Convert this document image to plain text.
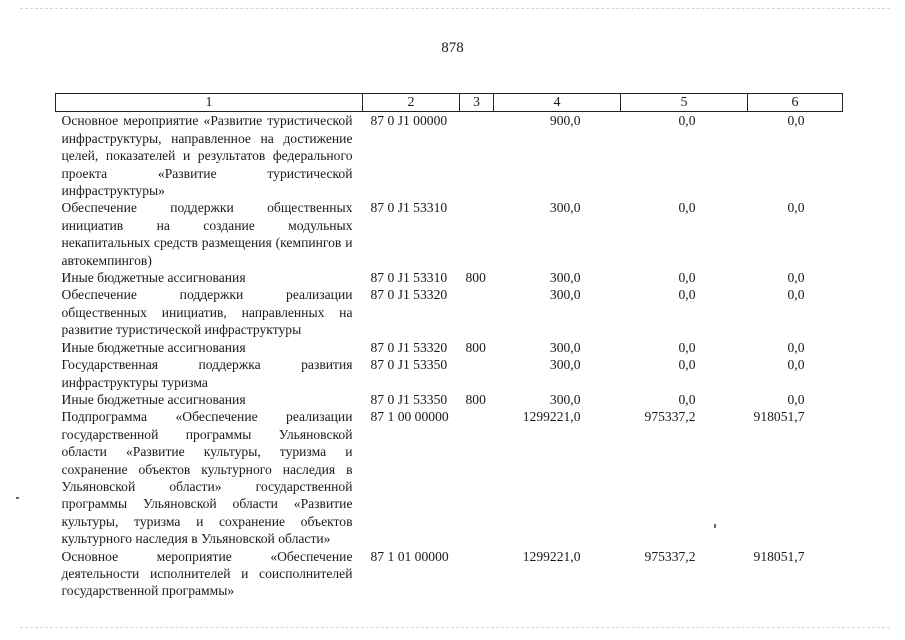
878
1	2	3	4	5	6
Основное мероприятие «Развитие туристической инфраструктуры, направленное на достижение целей, показателей и результатов федерального проекта «Развитие туристической инфраструктуры»	87 0 J1 00000		900,0	0,0	0,0
Обеспечение поддержки общественных инициатив на создание модульных некапитальных средств размещения (кемпингов и автокемпингов)	87 0 J1 53310		300,0	0,0	0,0
Иные бюджетные ассигнования	87 0 J1 53310	800	300,0	0,0	0,0
Обеспечение поддержки реализации общественных инициатив, направленных на развитие туристической инфраструктуры	87 0 J1 53320		300,0	0,0	0,0
Иные бюджетные ассигнования	87 0 J1 53320	800	300,0	0,0	0,0
Государственная поддержка развития инфраструктуры туризма	87 0 J1 53350		300,0	0,0	0,0
Иные бюджетные ассигнования	87 0 J1 53350	800	300,0	0,0	0,0
Подпрограмма «Обеспечение реализации государственной программы Ульяновской области «Развитие культуры, туризма и сохранение объектов культурного наследия в Ульяновской области» государственной программы Ульяновской области «Развитие культуры, туризма и сохранение объектов культурного наследия в Ульяновской области»	87 1 00 00000		1299221,0	975337,2	918051,7
Основное мероприятие «Обеспечение деятельности исполнителей и соисполнителей государственной программы»	87 1 01 00000		1299221,0	975337,2	918051,7
